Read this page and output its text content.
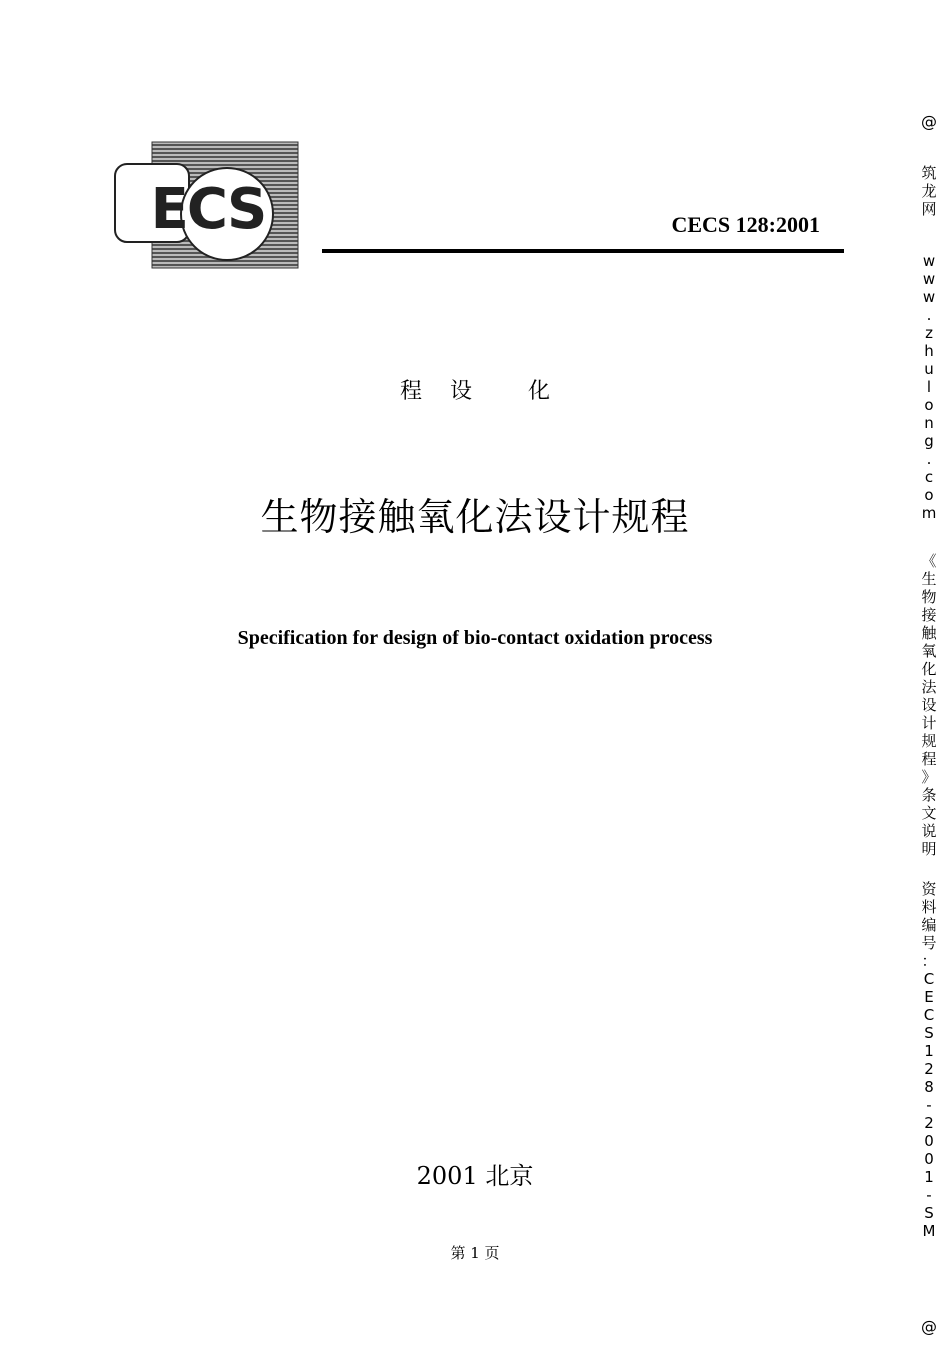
ECS	CECS 128:2001
程 设	化
生物接触氧化法设计规程
Specification for design of bio-contact oxidation process
2001 北京
第 1 页
@
筑
龙
网
w
w
w
.
z
h
u
l
o
n
g
.
c
o
m
《
生
物
接
触
氧
化
法
设
计
规
程
》
条
文
说
明
资
料
编
号
：
C
E
C
S
1
2
8
-
2
0
0
1
-
S
M
@
